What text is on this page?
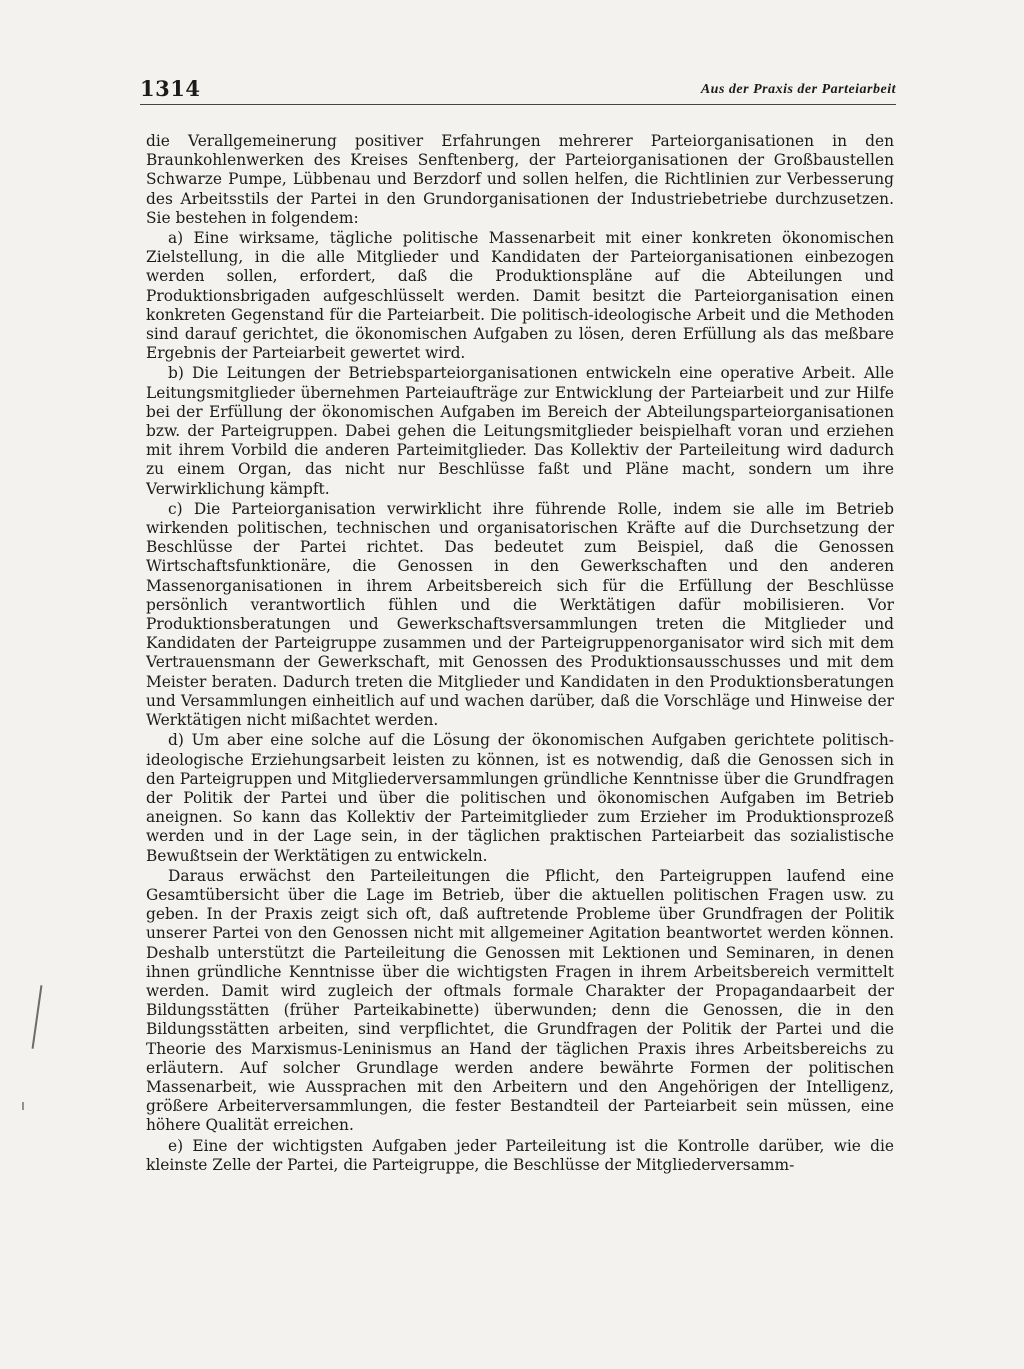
1314	Aus der Praxis der Parteiarbeit

die Verallgemeinerung positiver Erfahrungen mehrerer Parteiorganisationen in den Braunkohlenwerken des Kreises Senftenberg, der Parteiorganisationen der Großbaustellen Schwarze Pumpe, Lübbenau und Berzdorf und sollen helfen, die Richtlinien zur Verbesserung des Arbeitsstils der Partei in den Grundorganisationen der Industriebetriebe durchzusetzen. Sie bestehen in folgendem:

a) Eine wirksame, tägliche politische Massenarbeit mit einer konkreten ökonomischen Zielstellung, in die alle Mitglieder und Kandidaten der Parteiorganisationen einbezogen werden sollen, erfordert, daß die Produktionspläne auf die Abteilungen und Produktionsbrigaden aufgeschlüsselt werden. Damit besitzt die Parteiorganisation einen konkreten Gegenstand für die Parteiarbeit. Die politisch-ideologische Arbeit und die Methoden sind darauf gerichtet, die ökonomischen Aufgaben zu lösen, deren Erfüllung als das meßbare Ergebnis der Parteiarbeit gewertet wird.

b) Die Leitungen der Betriebsparteiorganisationen entwickeln eine operative Arbeit. Alle Leitungsmitglieder übernehmen Parteiaufträge zur Entwicklung der Parteiarbeit und zur Hilfe bei der Erfüllung der ökonomischen Aufgaben im Bereich der Abteilungsparteiorganisationen bzw. der Parteigruppen. Dabei gehen die Leitungsmitglieder beispielhaft voran und erziehen mit ihrem Vorbild die anderen Parteimitglieder. Das Kollektiv der Parteileitung wird dadurch zu einem Organ, das nicht nur Beschlüsse faßt und Pläne macht, sondern um ihre Verwirklichung kämpft.

c) Die Parteiorganisation verwirklicht ihre führende Rolle, indem sie alle im Betrieb wirkenden politischen, technischen und organisatorischen Kräfte auf die Durchsetzung der Beschlüsse der Partei richtet. Das bedeutet zum Beispiel, daß die Genossen Wirtschaftsfunktionäre, die Genossen in den Gewerkschaften und den anderen Massenorganisationen in ihrem Arbeitsbereich sich für die Erfüllung der Beschlüsse persönlich verantwortlich fühlen und die Werktätigen dafür mobilisieren. Vor Produktionsberatungen und Gewerkschaftsversammlungen treten die Mitglieder und Kandidaten der Parteigruppe zusammen und der Parteigruppenorganisator wird sich mit dem Vertrauensmann der Gewerkschaft, mit Genossen des Produktionsausschusses und mit dem Meister beraten. Dadurch treten die Mitglieder und Kandidaten in den Produktionsberatungen und Versammlungen einheitlich auf und wachen darüber, daß die Vorschläge und Hinweise der Werktätigen nicht mißachtet werden.

d) Um aber eine solche auf die Lösung der ökonomischen Aufgaben gerichtete politisch-ideologische Erziehungsarbeit leisten zu können, ist es notwendig, daß die Genossen sich in den Parteigruppen und Mitgliederversammlungen gründliche Kenntnisse über die Grundfragen der Politik der Partei und über die politischen und ökonomischen Aufgaben im Betrieb aneignen. So kann das Kollektiv der Parteimitglieder zum Erzieher im Produktionsprozeß werden und in der Lage sein, in der täglichen praktischen Parteiarbeit das sozialistische Bewußtsein der Werktätigen zu entwickeln.

Daraus erwächst den Parteileitungen die Pflicht, den Parteigruppen laufend eine Gesamtübersicht über die Lage im Betrieb, über die aktuellen politischen Fragen usw. zu geben. In der Praxis zeigt sich oft, daß auftretende Probleme über Grundfragen der Politik unserer Partei von den Genossen nicht mit allgemeiner Agitation beantwortet werden können. Deshalb unterstützt die Parteileitung die Genossen mit Lektionen und Seminaren, in denen ihnen gründliche Kenntnisse über die wichtigsten Fragen in ihrem Arbeitsbereich vermittelt werden. Damit wird zugleich der oftmals formale Charakter der Propagandaarbeit der Bildungsstätten (früher Parteikabinette) überwunden; denn die Genossen, die in den Bildungsstätten arbeiten, sind verpflichtet, die Grundfragen der Politik der Partei und die Theorie des Marxismus-Leninismus an Hand der täglichen Praxis ihres Arbeitsbereichs zu erläutern. Auf solcher Grundlage werden andere bewährte Formen der politischen Massenarbeit, wie Aussprachen mit den Arbeitern und den Angehörigen der Intelligenz, größere Arbeiterversammlungen, die fester Bestandteil der Parteiarbeit sein müssen, eine höhere Qualität erreichen.

e) Eine der wichtigsten Aufgaben jeder Parteileitung ist die Kontrolle darüber, wie die kleinste Zelle der Partei, die Parteigruppe, die Beschlüsse der Mitgliederversamm-
